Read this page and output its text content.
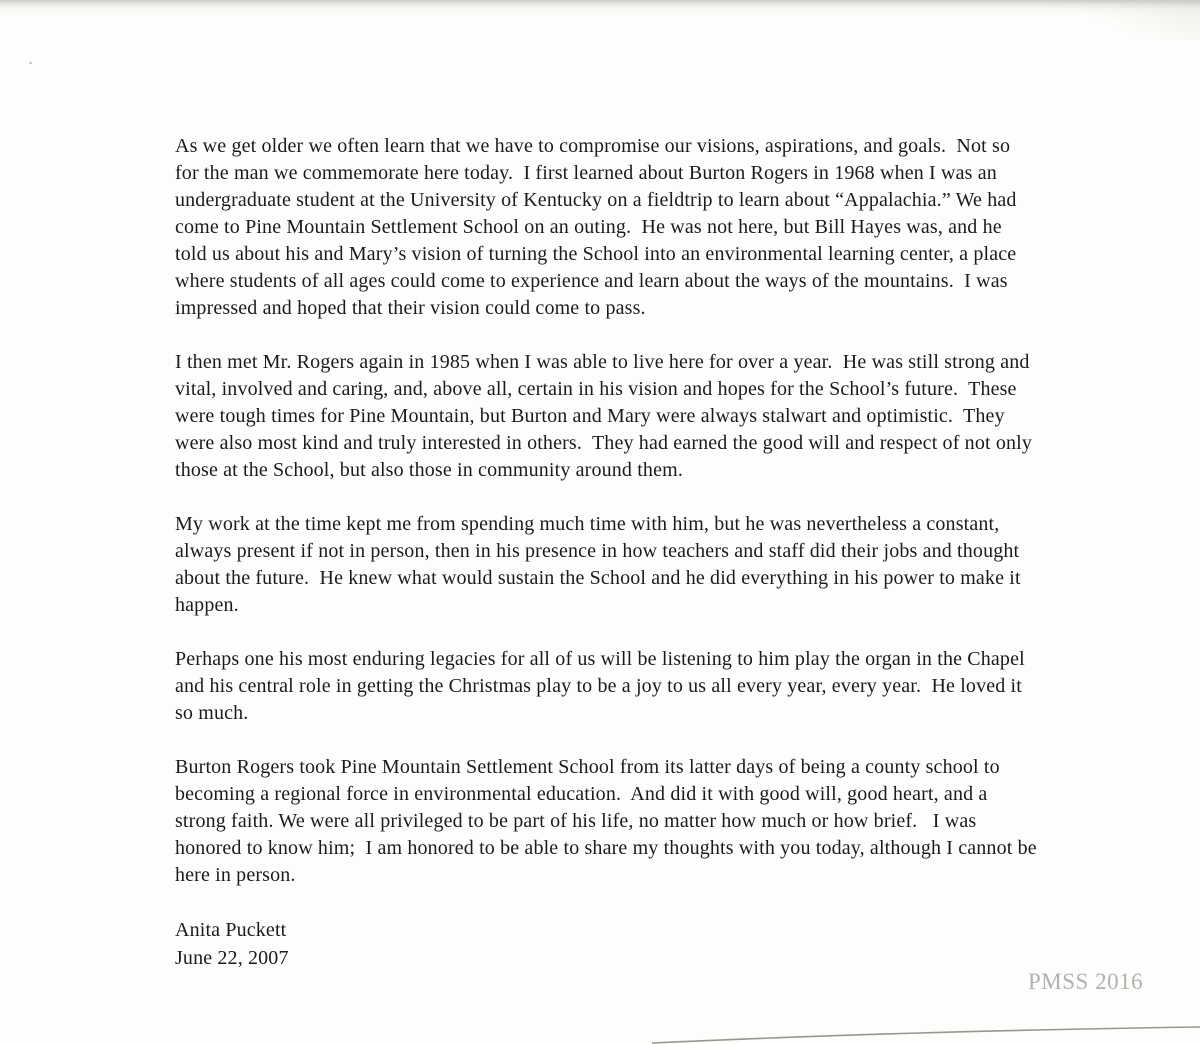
As we get older we often learn that we have to compromise our visions, aspirations, and goals.  Not so for the man we commemorate here today.  I first learned about Burton Rogers in 1968 when I was an undergraduate student at the University of Kentucky on a fieldtrip to learn about “Appalachia.” We had come to Pine Mountain Settlement School on an outing.  He was not here, but Bill Hayes was, and he told us about his and Mary’s vision of turning the School into an environmental learning center, a place where students of all ages could come to experience and learn about the ways of the mountains.  I was impressed and hoped that their vision could come to pass.

I then met Mr. Rogers again in 1985 when I was able to live here for over a year.  He was still strong and vital, involved and caring, and, above all, certain in his vision and hopes for the School’s future.  These were tough times for Pine Mountain, but Burton and Mary were always stalwart and optimistic.  They were also most kind and truly interested in others.  They had earned the good will and respect of not only those at the School, but also those in community around them.

My work at the time kept me from spending much time with him, but he was nevertheless a constant, always present if not in person, then in his presence in how teachers and staff did their jobs and thought about the future.  He knew what would sustain the School and he did everything in his power to make it happen.

Perhaps one his most enduring legacies for all of us will be listening to him play the organ in the Chapel and his central role in getting the Christmas play to be a joy to us all every year, every year.  He loved it so much.

Burton Rogers took Pine Mountain Settlement School from its latter days of being a county school to becoming a regional force in environmental education.  And did it with good will, good heart, and a strong faith. We were all privileged to be part of his life, no matter how much or how brief.   I was honored to know him;  I am honored to be able to share my thoughts with you today, although I cannot be here in person.

Anita Puckett
June 22, 2007
PMSS 2016
